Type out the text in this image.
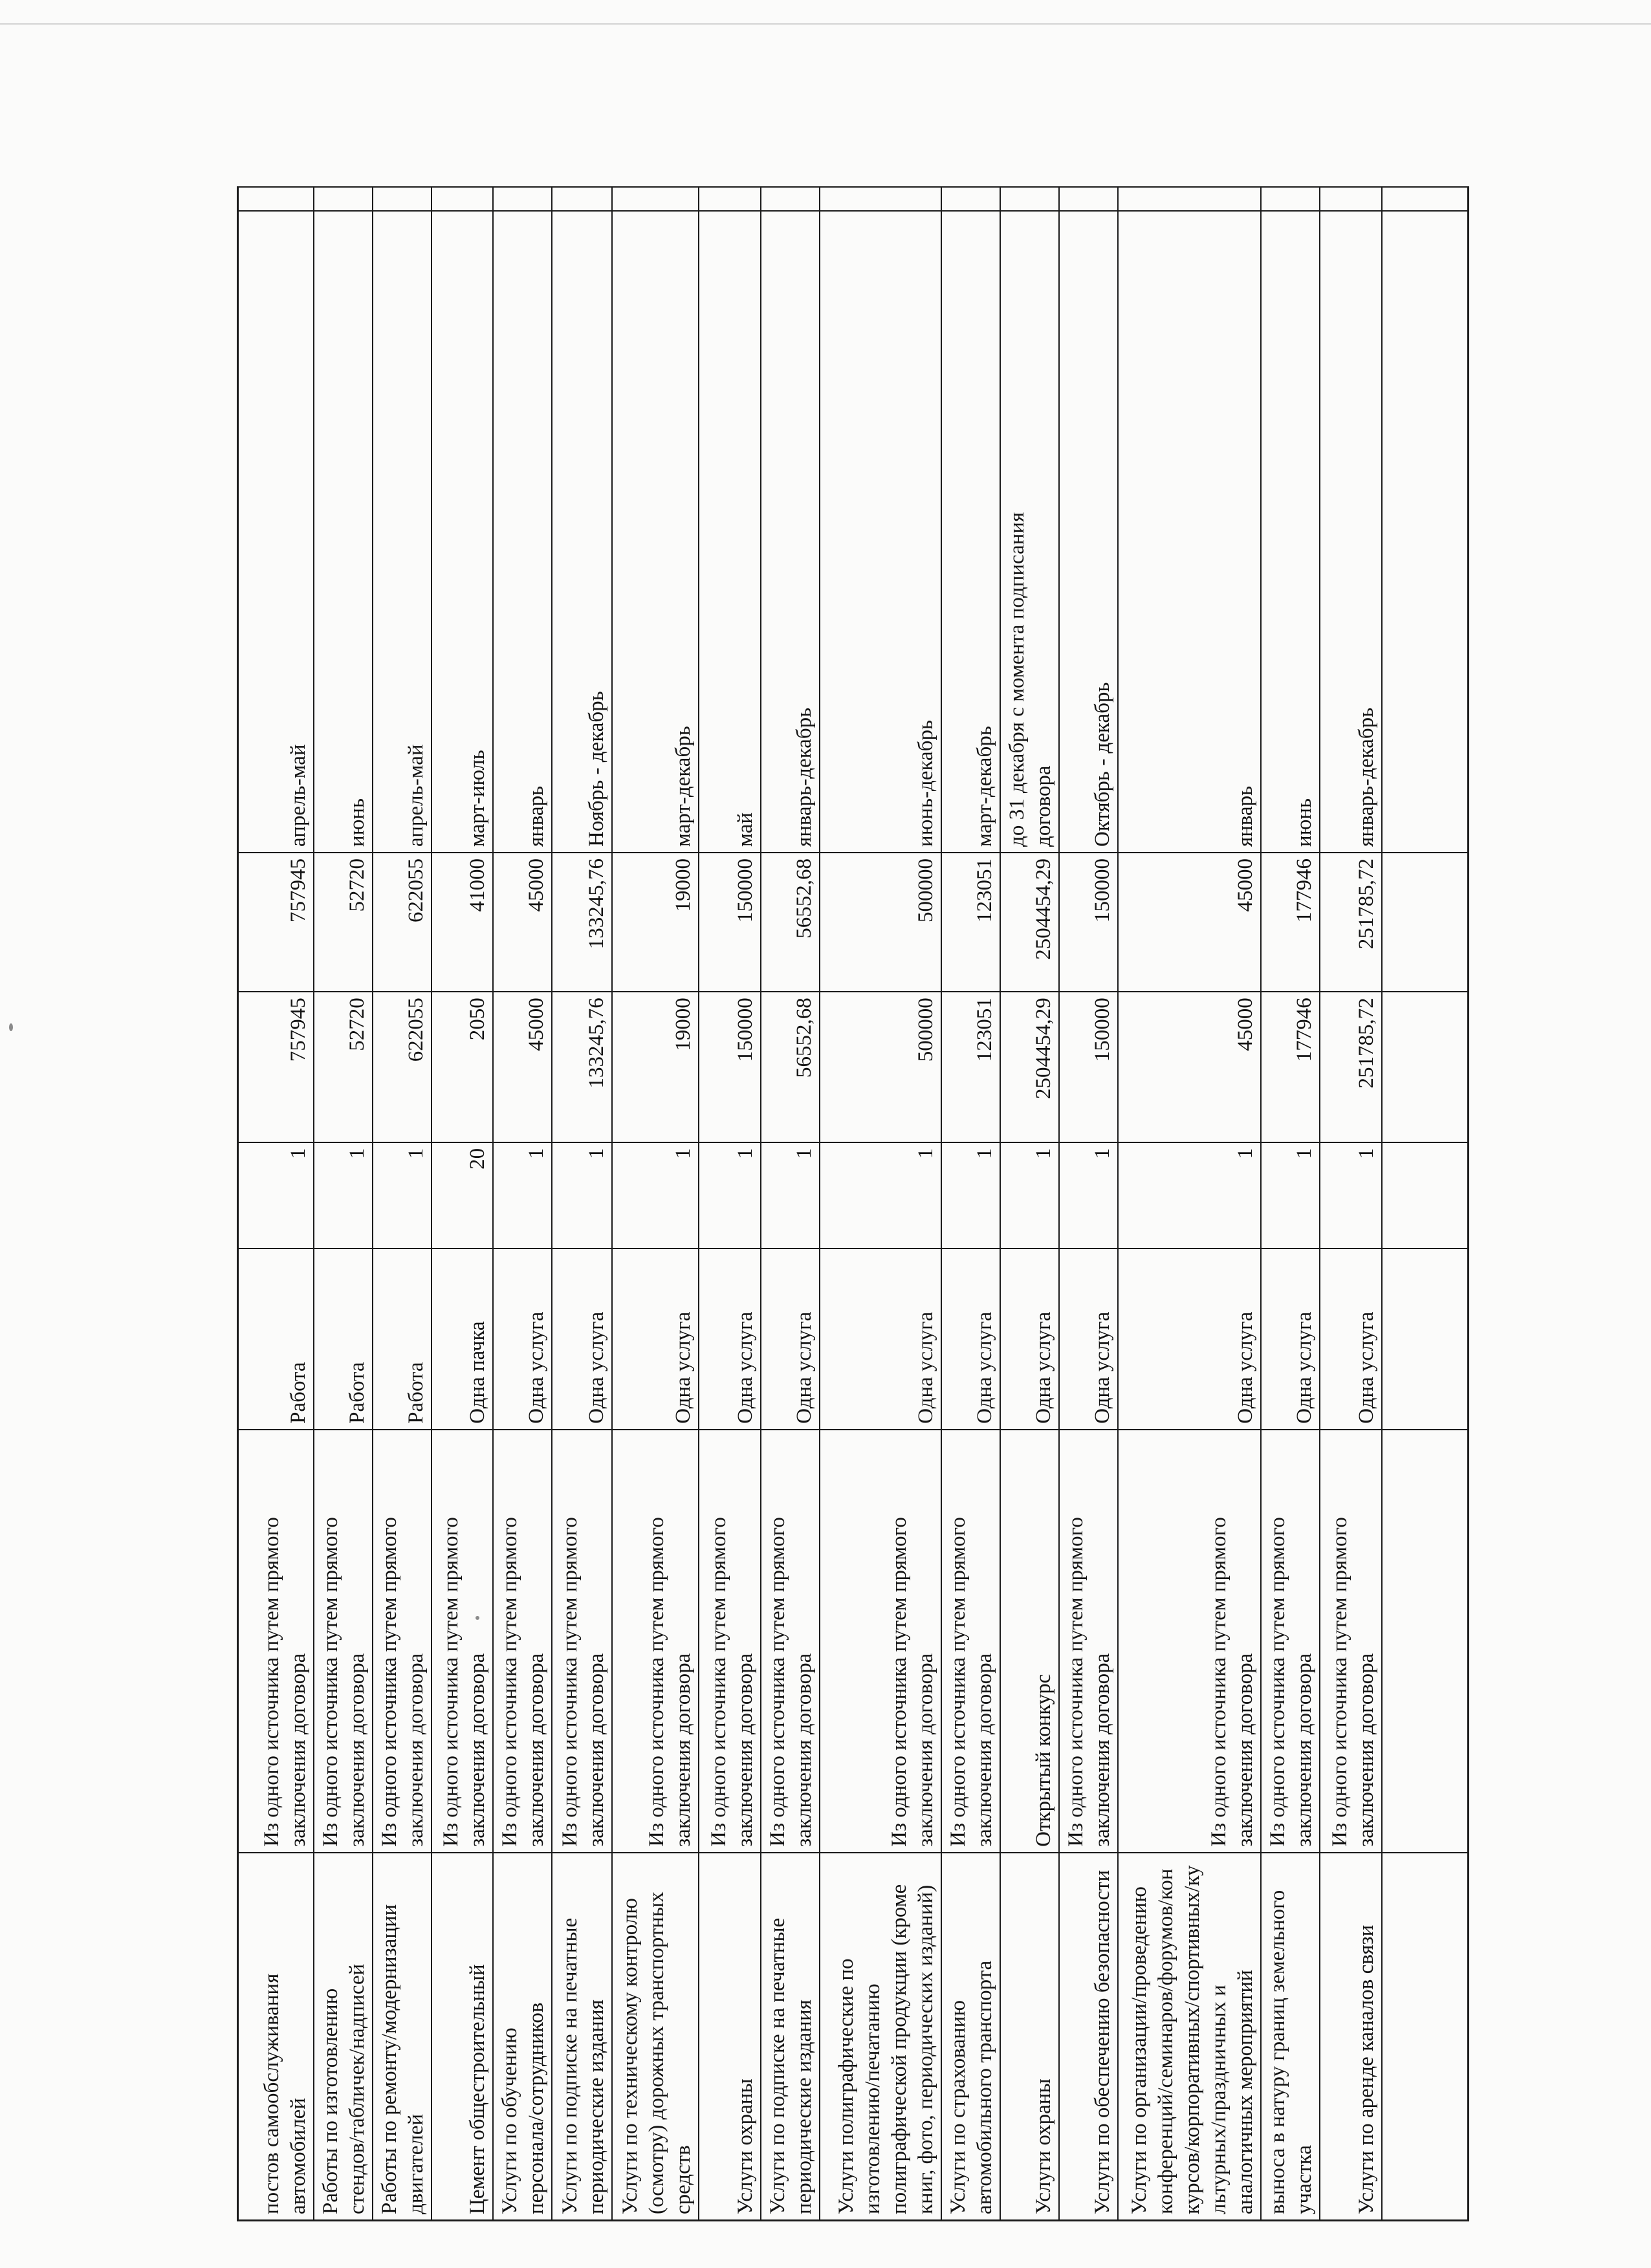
постов самообслуживания
автомобилей
Из одного источника путем прямого
заключения договора
Работа
1
757945
757945
апрель-май
Работы по изготовлению
стендов/табличек/надписей
Из одного источника путем прямого
заключения договора
Работа
1
52720
52720
июнь
Работы по ремонту/модернизации
двигателей
Из одного источника путем прямого
заключения договора
Работа
1
622055
622055
апрель-май
Цемент общестроительный
Из одного источника путем прямого
заключения договора
Одна пачка
20
2050
41000
март-июль
Услуги по обучению
персонала/сотрудников
Из одного источника путем прямого
заключения договора
Одна услуга
1
45000
45000
январь
Услуги по подписке на печатные
периодические издания
Из одного источника путем прямого
заключения договора
Одна услуга
1
133245,76
133245,76
Ноябрь - декабрь
Услуги по техническому контролю
(осмотру) дорожных транспортных
средств
Из одного источника путем прямого
заключения договора
Одна услуга
1
19000
19000
март-декабрь
Услуги охраны
Из одного источника путем прямого
заключения договора
Одна услуга
1
150000
150000
май
Услуги по подписке на печатные
периодические издания
Из одного источника путем прямого
заключения договора
Одна услуга
1
56552,68
56552,68
январь-декабрь
Услуги полиграфические по
изготовлению/печатанию
полиграфической продукции (кроме
книг, фото, периодических изданий)
Из одного источника путем прямого
заключения договора
Одна услуга
1
500000
500000
июнь-декабрь
Услуги по страхованию
автомобильного транспорта
Из одного источника путем прямого
заключения договора
Одна услуга
1
123051
123051
март-декабрь
Услуги охраны
Открытый конкурс
Одна услуга
1
2504454,29
2504454,29
до 31 декабря с момента подписания
договора
Услуги по обеспечению безопасности
Из одного источника путем прямого
заключения договора
Одна услуга
1
150000
150000
Октябрь - декабрь
Услуги по организации/проведению
конференций/семинаров/форумов/кон
курсов/корпоративных/спортивных/ку
льтурных/праздничных и
аналогичных мероприятий
Из одного источника путем прямого
заключения договора
Одна услуга
1
45000
45000
январь
выноса в натуру границ земельного
участка
Из одного источника путем прямого
заключения договора
Одна услуга
1
177946
177946
июнь
Услуги по аренде каналов связи
Из одного источника путем прямого
заключения договора
Одна услуга
1
251785,72
251785,72
январь-декабрь
